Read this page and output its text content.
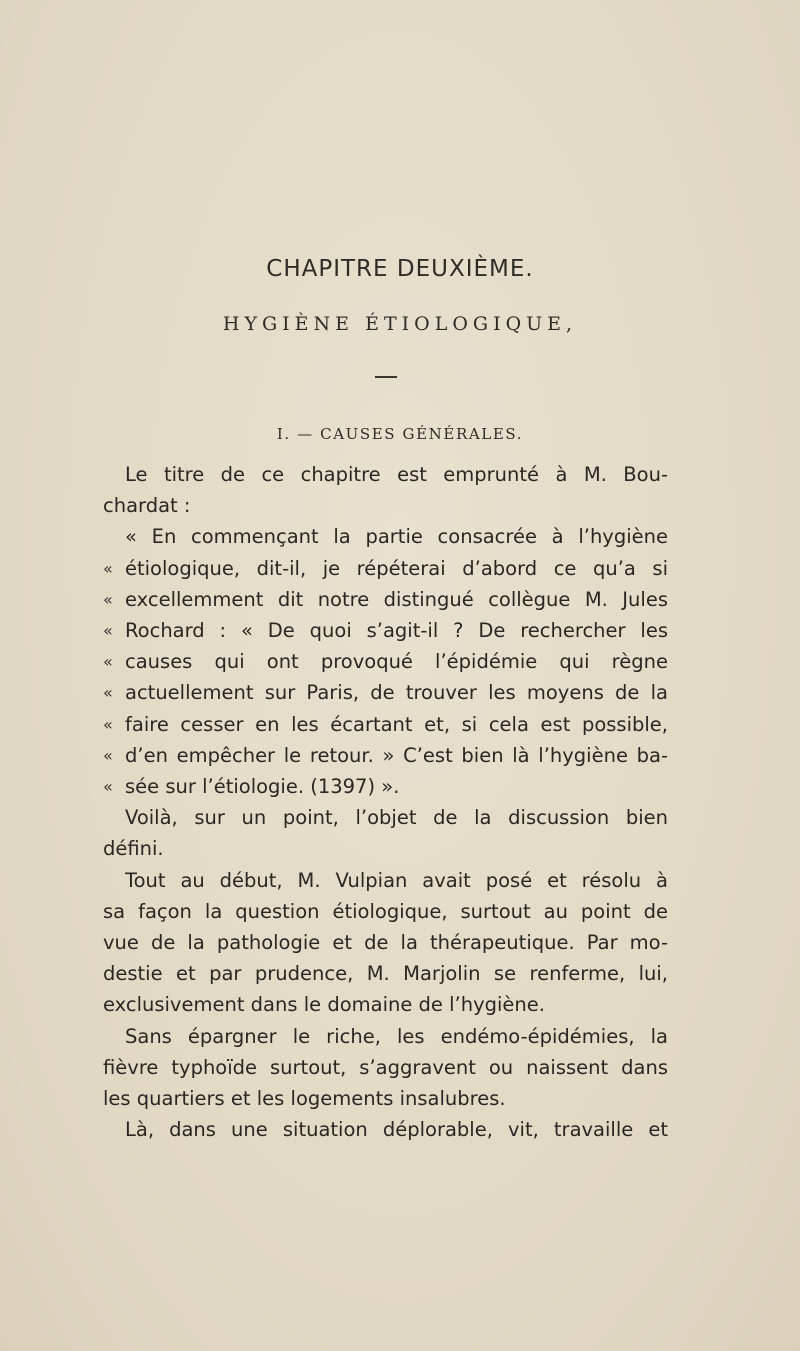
CHAPITRE DEUXIÈME.
HYGIÈNE ÉTIOLOGIQUE,
I. — CAUSES GÉNÉRALES.
Le titre de ce chapitre est emprunté à M. Bou-
chardat :
« En commençant la partie consacrée à l’hygiène
« étiologique, dit-il, je répéterai d’abord ce qu’a si
« excellemment dit notre distingué collègue M. Jules
« Rochard : « De quoi s’agit-il ? De rechercher les
« causes qui ont provoqué l’épidémie qui règne
« actuellement sur Paris, de trouver les moyens de la
« faire cesser en les écartant et, si cela est possible,
« d’en empêcher le retour. » C’est bien là l’hygiène ba-
« sée sur l’étiologie. (1397) ».
Voilà, sur un point, l’objet de la discussion bien
défini.
Tout au début, M. Vulpian avait posé et résolu à
sa façon la question étiologique, surtout au point de
vue de la pathologie et de la thérapeutique. Par mo-
destie et par prudence, M. Marjolin se renferme, lui,
exclusivement dans le domaine de l’hygiène.
Sans épargner le riche, les endémo-épidémies, la
fièvre typhoïde surtout, s’aggravent ou naissent dans
les quartiers et les logements insalubres.
Là, dans une situation déplorable, vit, travaille et
